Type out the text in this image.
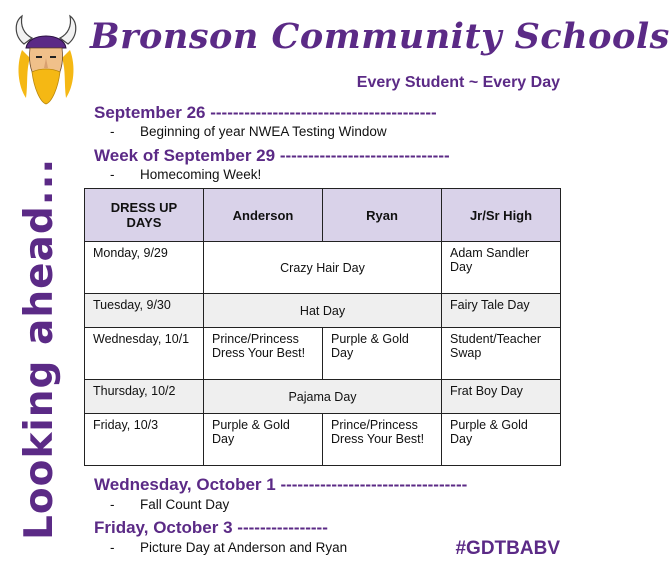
Bronson Community Schools
Every Student ~ Every Day
Looking ahead...
September 26 ----------------------------------------
- Beginning of year NWEA Testing Window
Week of September 29 ------------------------------
- Homecoming Week!
DRESS UP DAYS	Anderson	Ryan	Jr/Sr High
Monday, 9/29	Crazy Hair Day		Adam Sandler Day
Tuesday, 9/30	Hat Day		Fairy Tale Day
Wednesday, 10/1	Prince/Princess Dress Your Best!	Purple & Gold Day	Student/Teacher Swap
Thursday, 10/2	Pajama Day		Frat Boy Day
Friday, 10/3	Purple & Gold Day	Prince/Princess Dress Your Best!	Purple & Gold Day
Wednesday, October 1 ---------------------------------
- Fall Count Day
Friday, October 3 ----------------
- Picture Day at Anderson and Ryan	#GDTBABV
